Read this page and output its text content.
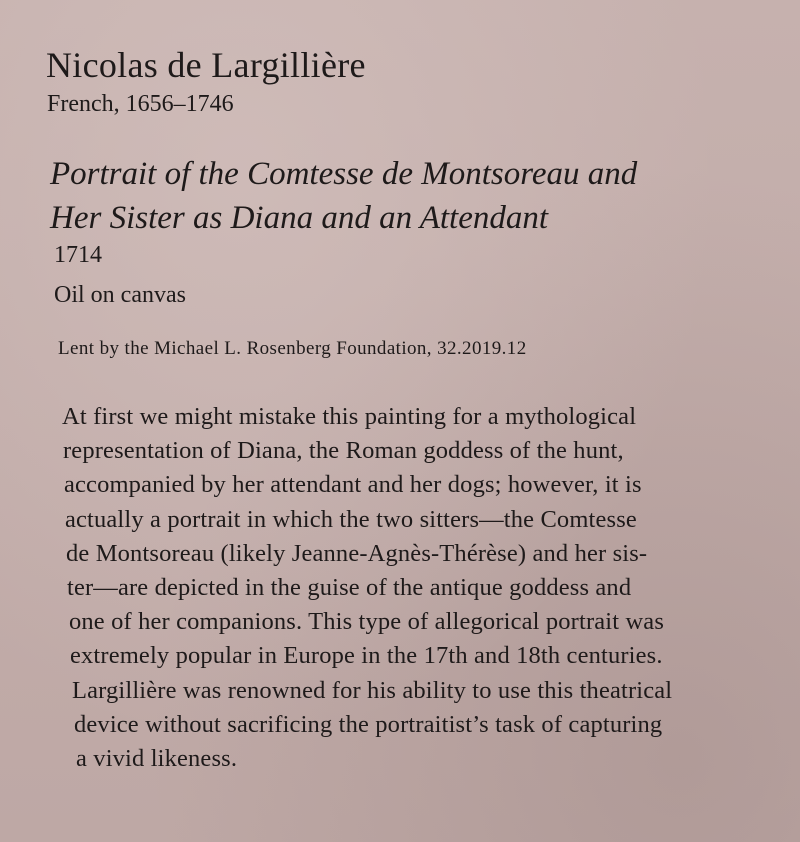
Nicolas de Largillière
French, 1656–1746
Portrait of the Comtesse de Montsoreau and
Her Sister as Diana and an Attendant
1714
Oil on canvas
Lent by the Michael L. Rosenberg Foundation, 32.2019.12
At first we might mistake this painting for a mythological
representation of Diana, the Roman goddess of the hunt,
accompanied by her attendant and her dogs; however, it is
actually a portrait in which the two sitters—the Comtesse
de Montsoreau (likely Jeanne-Agnès-Thérèse) and her sis-
ter—are depicted in the guise of the antique goddess and
one of her companions. This type of allegorical portrait was
extremely popular in Europe in the 17th and 18th centuries.
Largillière was renowned for his ability to use this theatrical
device without sacrificing the portraitist’s task of capturing
a vivid likeness.
